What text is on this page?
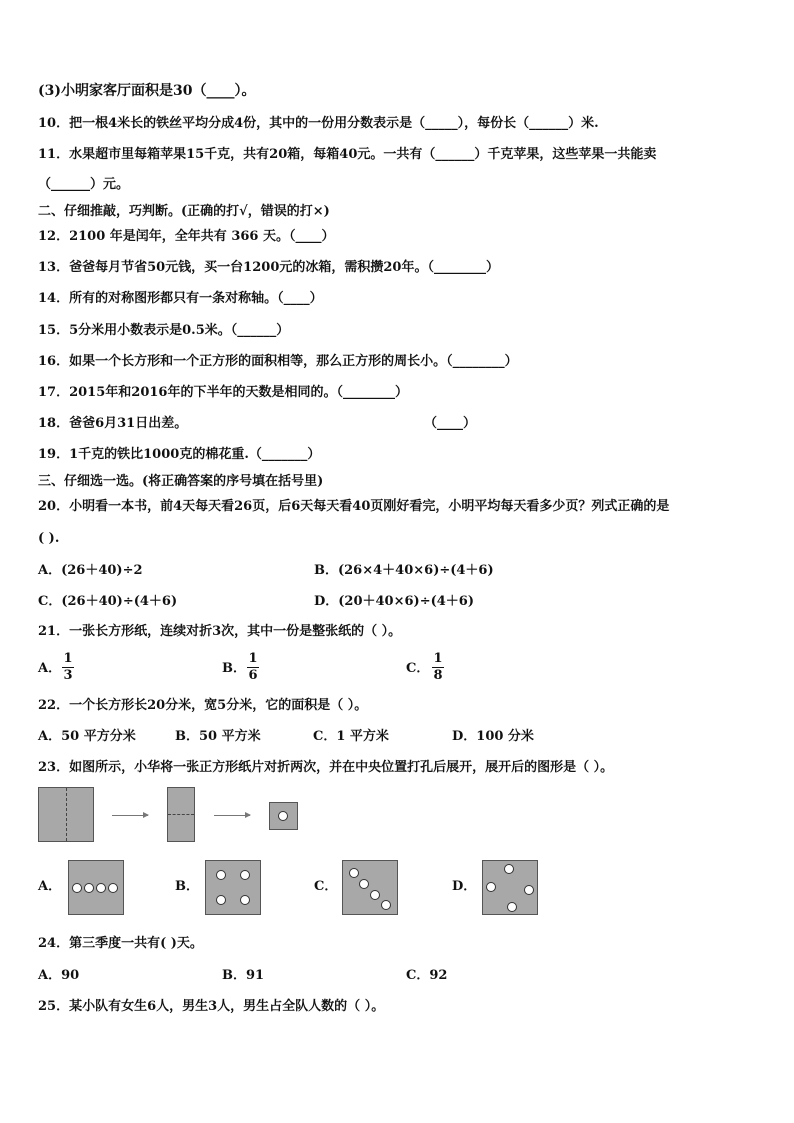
(3)小明家客厅面积是30（____）。
10．把一根4米长的铁丝平均分成4份，其中的一份用分数表示是（_____），每份长（______）米.
11．水果超市里每箱苹果15千克，共有20箱，每箱40元。一共有（______）千克苹果，这些苹果一共能卖
（______）元。
二、仔细推敲，巧判断。(正确的打√，错误的打×)
12．2100 年是闰年，全年共有 366 天。（____）
13．爸爸每月节省50元钱，买一台1200元的冰箱，需积攒20年。（________）
14．所有的对称图形都只有一条对称轴。（____）
15．5分米用小数表示是0.5米。（______）
16．如果一个长方形和一个正方形的面积相等，那么正方形的周长小。（________）
17．2015年和2016年的下半年的天数是相同的。（________）
18．爸爸6月31日出差。	（____）
19．1千克的铁比1000克的棉花重.（_______）
三、仔细选一选。(将正确答案的序号填在括号里)
20．小明看一本书，前4天每天看26页，后6天每天看40页刚好看完，小明平均每天看多少页？列式正确的是
( ).
A．(26＋40)÷2	B．(26×4＋40×6)÷(4＋6)
C．(26＋40)÷(4＋6)	D．(20＋40×6)÷(4＋6)
21．一张长方形纸，连续对折3次，其中一份是整张纸的（ ）。
A．
1
3	B．
1
6	C．
1
8
22．一个长方形长20分米，宽5分米，它的面积是（ ）。
A．50 平方分米	B．50 平方米	C．1 平方米	D．100 分米
23．如图所示，小华将一张正方形纸片对折两次，并在中央位置打孔后展开，展开后的图形是（ ）。
A．	B．	C．	D．
24．第三季度一共有( )天。
A．90	B．91	C．92
25．某小队有女生6人，男生3人，男生占全队人数的（ ）。
